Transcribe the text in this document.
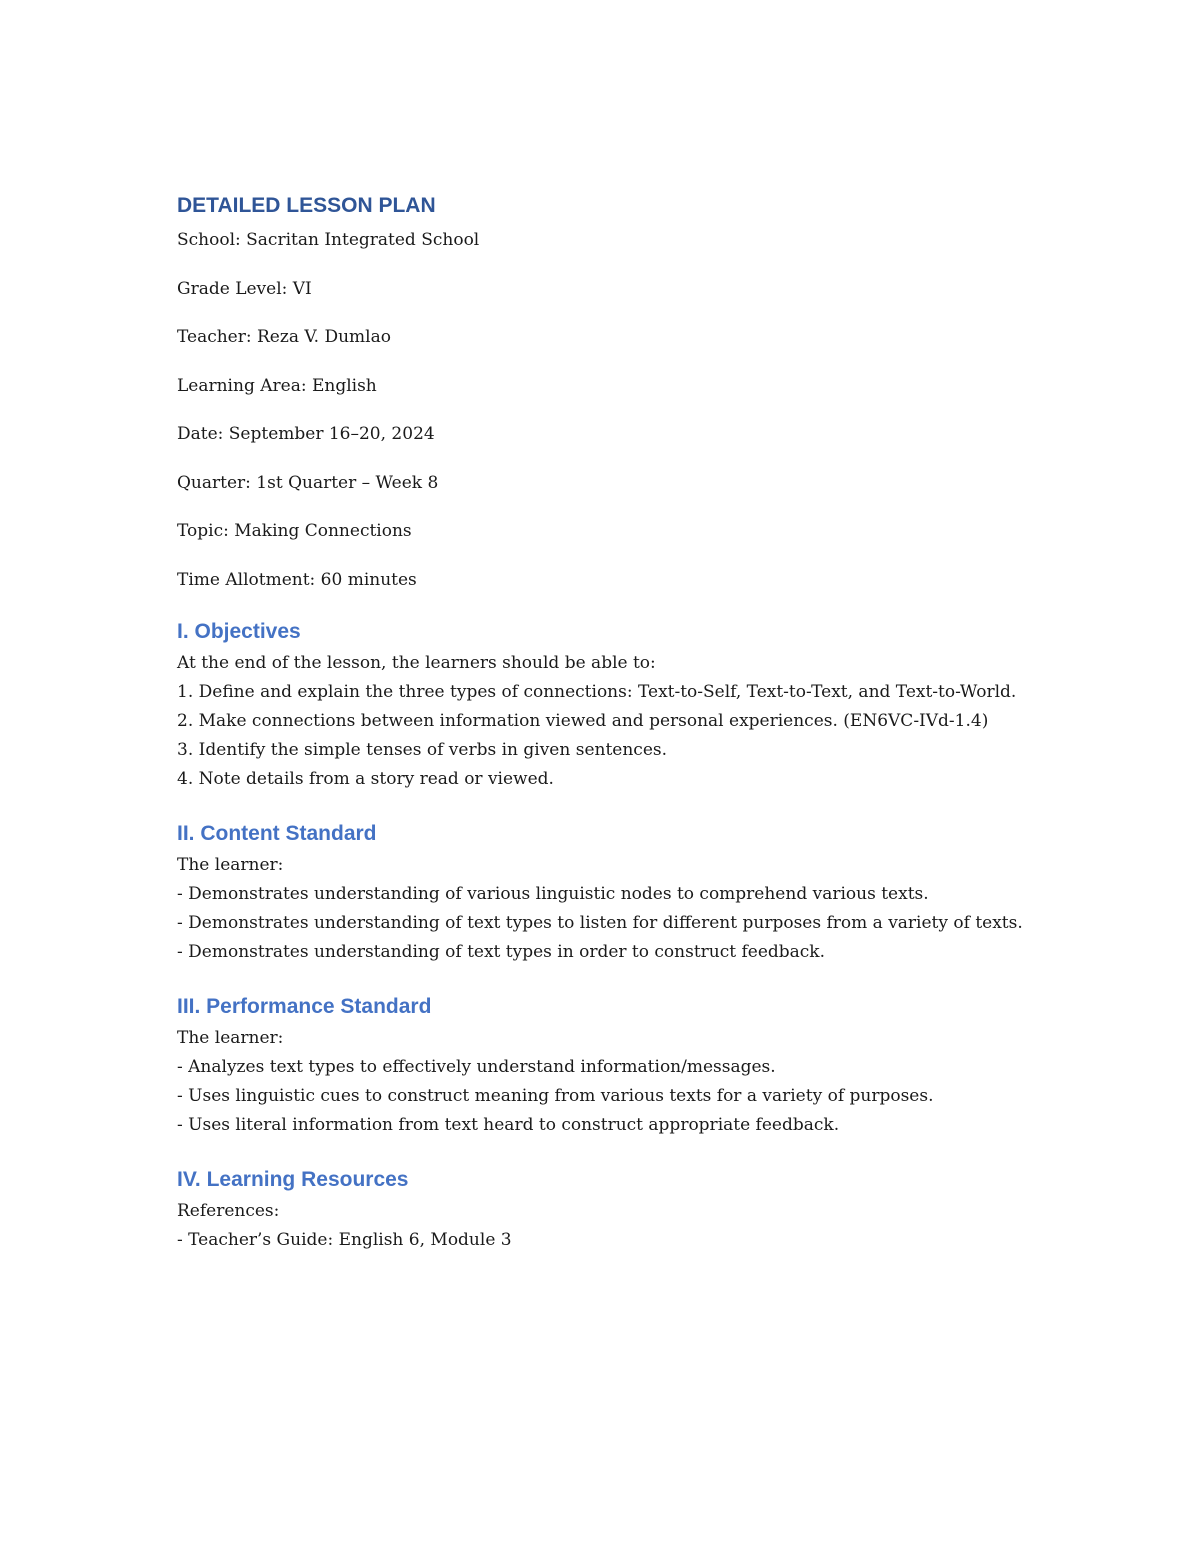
DETAILED LESSON PLAN

School: Sacritan Integrated School

Grade Level: VI

Teacher: Reza V. Dumlao

Learning Area: English

Date: September 16–20, 2024

Quarter: 1st Quarter – Week 8

Topic: Making Connections

Time Allotment: 60 minutes

I. Objectives

At the end of the lesson, the learners should be able to:

1. Define and explain the three types of connections: Text-to-Self, Text-to-Text, and Text-to-World.

2. Make connections between information viewed and personal experiences. (EN6VC-IVd-1.4)

3. Identify the simple tenses of verbs in given sentences.

4. Note details from a story read or viewed.

II. Content Standard

The learner:

- Demonstrates understanding of various linguistic nodes to comprehend various texts.

- Demonstrates understanding of text types to listen for different purposes from a variety of texts.

- Demonstrates understanding of text types in order to construct feedback.

III. Performance Standard

The learner:

- Analyzes text types to effectively understand information/messages.

- Uses linguistic cues to construct meaning from various texts for a variety of purposes.

- Uses literal information from text heard to construct appropriate feedback.

IV. Learning Resources

References:

- Teacher’s Guide: English 6, Module 3
